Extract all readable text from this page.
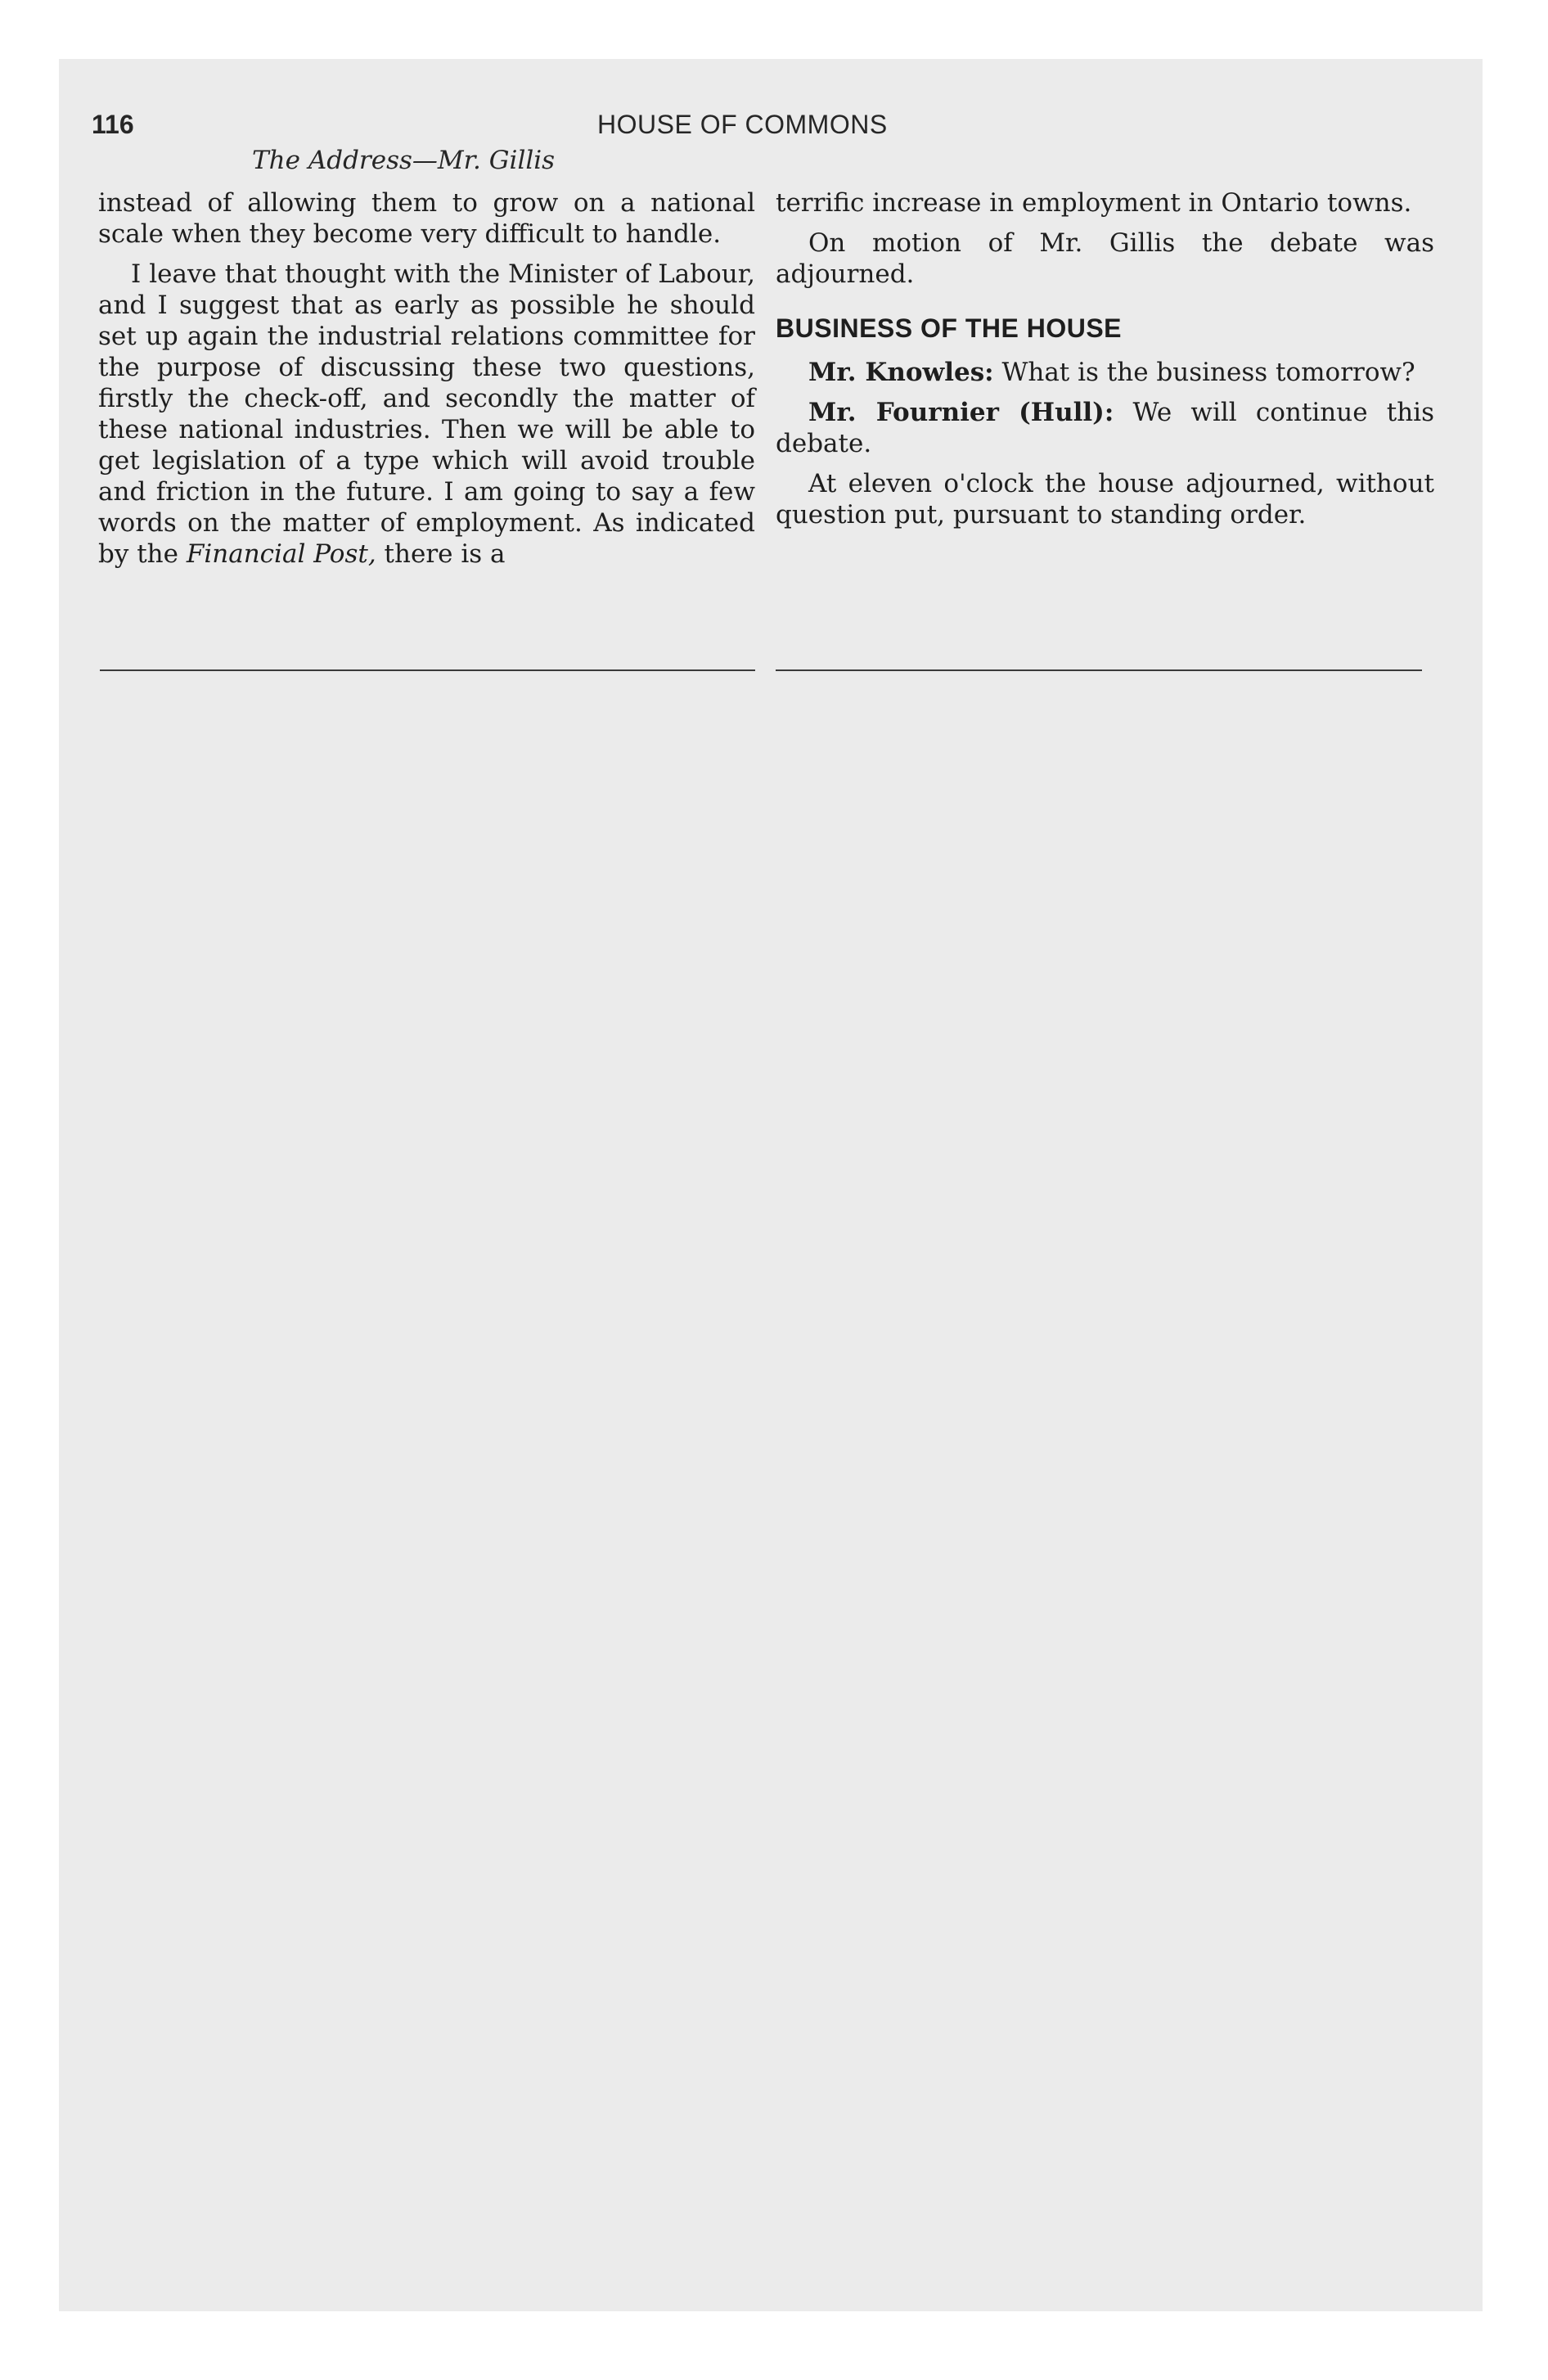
116	HOUSE OF COMMONS
The Address—Mr. Gillis

instead of allowing them to grow on a national scale when they become very difficult to handle.

I leave that thought with the Minister of Labour, and I suggest that as early as possible he should set up again the industrial relations committee for the purpose of discussing these two questions, firstly the check-off, and secondly the matter of these national industries. Then we will be able to get legislation of a type which will avoid trouble and friction in the future. I am going to say a few words on the matter of employment. As indicated by the Financial Post, there is a

terrific increase in employment in Ontario towns.

On motion of Mr. Gillis the debate was adjourned.

BUSINESS OF THE HOUSE

Mr. Knowles: What is the business tomorrow?

Mr. Fournier (Hull): We will continue this debate.

At eleven o'clock the house adjourned, without question put, pursuant to standing order.
